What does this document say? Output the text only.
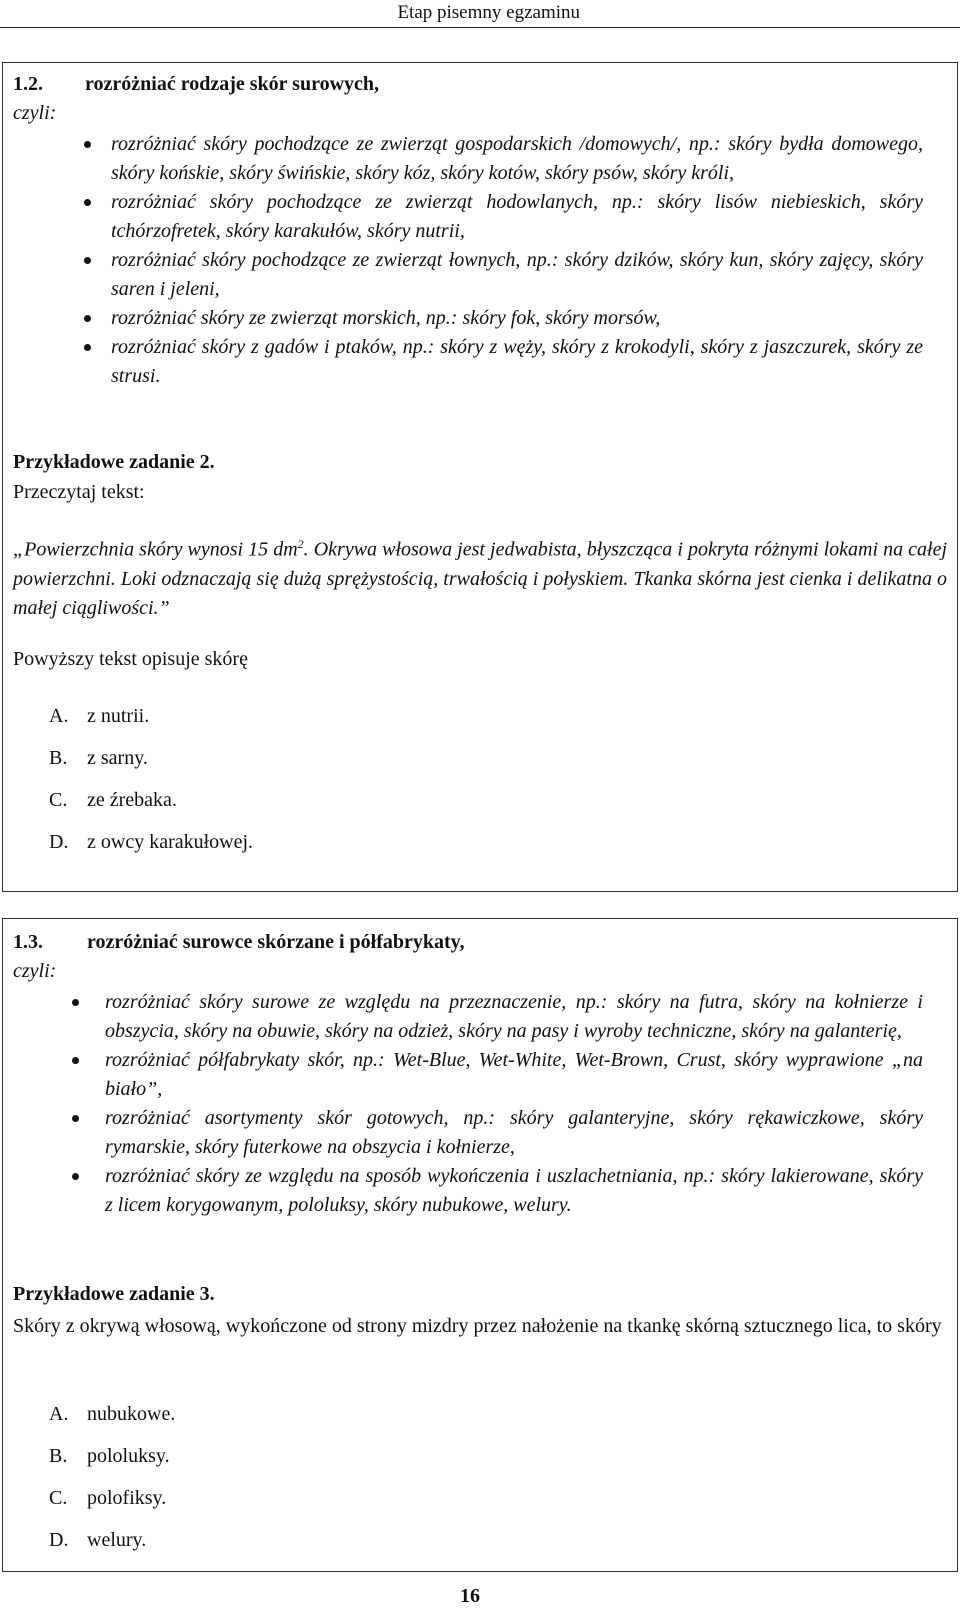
Etap pisemny egzaminu
1.2. rozróżniać rodzaje skór surowych,
czyli:
rozróżniać skóry pochodzące ze zwierząt gospodarskich /domowych/, np.: skóry bydła domowego, skóry końskie, skóry świńskie, skóry kóz, skóry kotów, skóry psów, skóry króli,
rozróżniać skóry pochodzące ze zwierząt hodowlanych, np.: skóry lisów niebieskich, skóry tchórzofretek, skóry karakułów, skóry nutrii,
rozróżniać skóry pochodzące ze zwierząt łownych, np.: skóry dzików, skóry kun, skóry zajęcy, skóry saren i jeleni,
rozróżniać skóry ze zwierząt morskich, np.: skóry fok, skóry morsów,
rozróżniać skóry z gadów i ptaków, np.: skóry z węży, skóry z krokodyli, skóry z jaszczurek, skóry ze strusi.
Przykładowe zadanie 2.
Przeczytaj tekst:
„Powierzchnia skóry wynosi 15 $dm^2$. Okrywa włosowa jest jedwabista, błyszcząca i pokryta różnymi lokami na całej powierzchni. Loki odznaczają się dużą sprężystością, trwałością i połyskiem. Tkanka skórna jest cienka i delikatna o małej ciągliwości.”
Powyższy tekst opisuje skórę
A. z nutrii.
B. z sarny.
C. ze źrebaka.
D. z owcy karakułowej.
1.3. rozróżniać surowce skórzane i półfabrykaty,
czyli:
rozróżniać skóry surowe ze względu na przeznaczenie, np.: skóry na futra, skóry na kołnierze i obszycia, skóry na obuwie, skóry na odzież, skóry na pasy i wyroby techniczne, skóry na galanterię,
rozróżniać półfabrykaty skór, np.: Wet-Blue, Wet-White, Wet-Brown, Crust, skóry wyprawione „na biało”,
rozróżniać asortymenty skór gotowych, np.: skóry galanteryjne, skóry rękawiczkowe, skóry rymarskie, skóry futerkowe na obszycia i kołnierze,
rozróżniać skóry ze względu na sposób wykończenia i uszlachetniania, np.: skóry lakierowane, skóry z licem korygowanym, pololuksy, skóry nubukowe, welury.
Przykładowe zadanie 3.
Skóry z okrywą włosową, wykończone od strony mizdry przez nałożenie na tkankę skórną sztucznego lica, to skóry
A. nubukowe.
B. pololuksy.
C. polofiksy.
D. welury.
16
